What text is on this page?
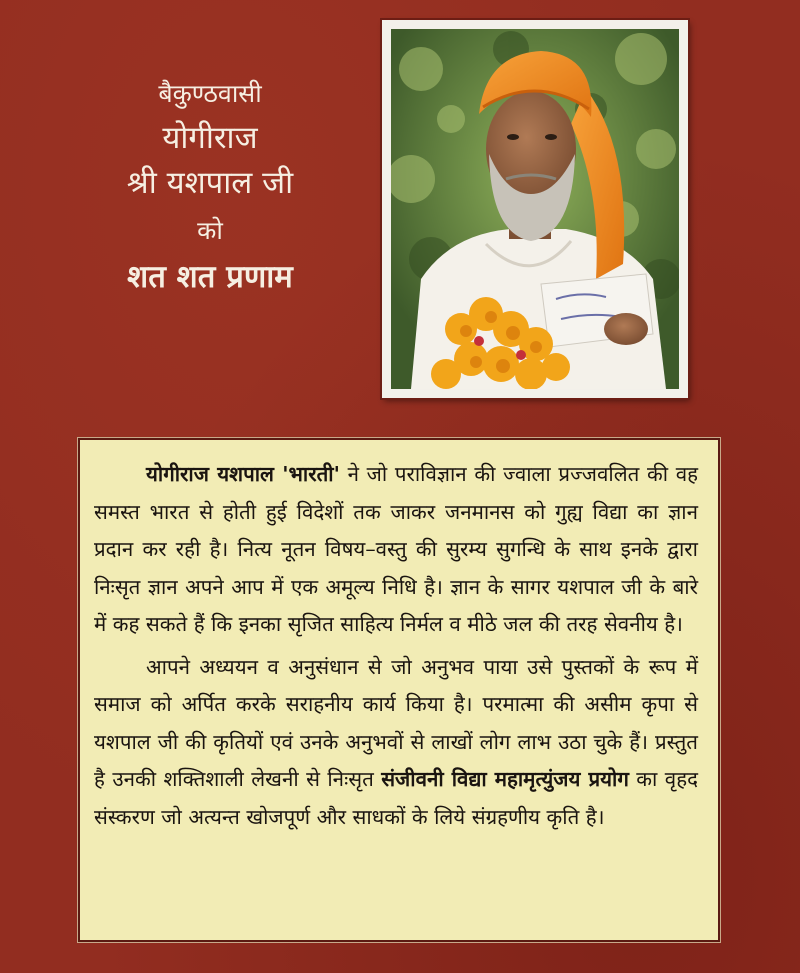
बैकुण्ठवासी
योगीराज
श्री यशपाल जी
को
शत शत प्रणाम

योगीराज यशपाल 'भारती' ने जो पराविज्ञान की ज्वाला प्रज्जवलित की वह समस्त भारत से होती हुई विदेशों तक जाकर जनमानस को गुह्य विद्या का ज्ञान प्रदान कर रही है। नित्य नूतन विषय–वस्तु की सुरम्य सुगन्धि के साथ इनके द्वारा निःसृत ज्ञान अपने आप में एक अमूल्य निधि है। ज्ञान के सागर यशपाल जी के बारे में कह सकते हैं कि इनका सृजित साहित्य निर्मल व मीठे जल की तरह सेवनीय है।

आपने अध्ययन व अनुसंधान से जो अनुभव पाया उसे पुस्तकों के रूप में समाज को अर्पित करके सराहनीय कार्य किया है। परमात्मा की असीम कृपा से यशपाल जी की कृतियों एवं उनके अनुभवों से लाखों लोग लाभ उठा चुके हैं। प्रस्तुत है उनकी शक्तिशाली लेखनी से निःसृत संजीवनी विद्या महामृत्युंजय प्रयोग का वृहद संस्करण जो अत्यन्त खोजपूर्ण और साधकों के लिये संग्रहणीय कृति है।
